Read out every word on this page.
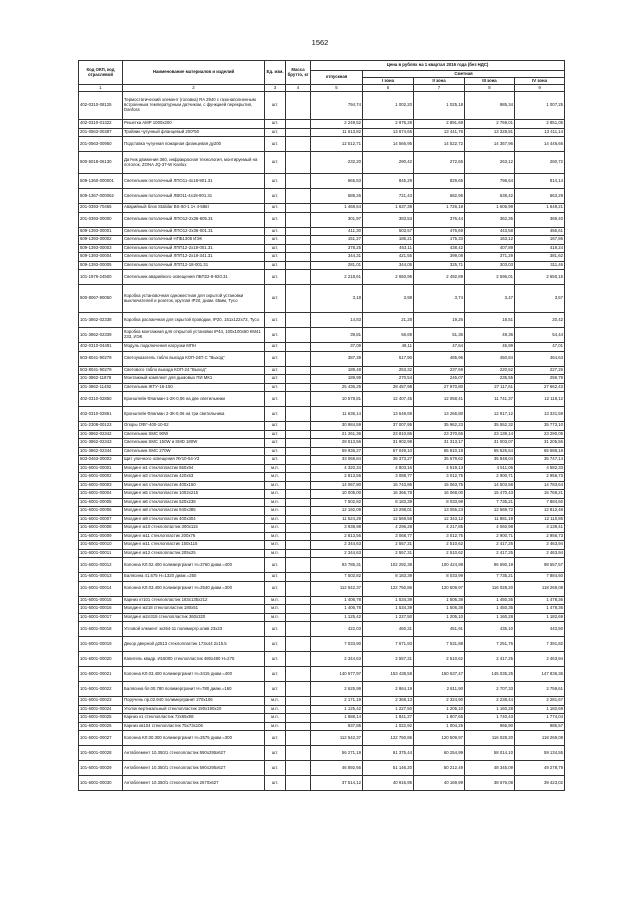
1562
Код ОКП, код отраслевой	Наименование материалов и изделий	Ед. изм.	Масса брутто, кг	Цена в рублях на 1 квартал 2016 года (без НДС)				
				отпускная	Сметная			
					I зона	II зона	III зона	IV зона
1	2	3	4	5	6	7	8	9
402-0310-08125	Термостатический элемент (головка) RA 2940 с газонаполненным встроенным температурным датчиком, с функцией перекрытия, Danfoss	шт.		794,74	1 002,20	1 025,18	985,34	1 007,25
402-0310-01322	Решетка АМР 1000х200	шт.		2 249,52	2 975,28	2 891,69	2 769,01	2 851,05
201-0563-00387	Тройник чугунный фланцевый 200*50	шт.		11 613,82	13 674,65	13 441,76	13 328,81	13 411,14
201-0563-00950	Подставка чугунная пожарная фланцевая ду200	шт.		12 512,71	14 566,95	14 522,72	14 357,96	14 446,66
500-5018-06130	Датчик движения 360, инфракрасная технология, монтируемый на потолок, ZONA JQ-37-W Kanlux	шт.		232,20	290,42	272,65	263,12	260,72
509-1360-000001	Светильник потолочный ЛПО11-4х18-901.31	шт.		665,53	845,29	829,65	798,64	814,14
509-1367-000062	Светильник потолочный ЛВО11-4х18-901.31	шт.		589,26	721,43	682,95	638,42	663,29
201-0393-70465	Аварийный блок Stabilar BS-50-1 1ч 4-58вт	шт.		1 468,64	1 637,39	1 726,18	1 606,99	1 649,21
201-0393-00000	Светильник потолочный ЛПО12-2х36-605.31	шт.		301,97	383,53	376,44	362,36	369,40
509-1393-00001	Светильник потолочный ЛПО12-2х36-001.31	шт.		411,30	503,57	476,69	443,58	455,61
509-1393-00002	Светильник потолочный НПБ1305 ИЭК	шт.		151,27	185,21	175,33	163,12	167,86
509-1393-00003	Светильник потолочный ЛПП12-2х18-001.31	шт.		378,25	463,11	438,42	407,89	419,24
509-1393-00004	Светильник потолочный ЛПП12-2х18-341.31	шт.		344,31	421,55	399,08	371,29	381,62
509-1393-00005	Светильник потолочный ЛПП12-18-001.31	шт.		281,01	344,05	325,71	303,03	311,46
101-1976-24500	Светильник аварийного освещения ЛБП22-8-920.31	шт.		2 218,61	2 650,95	2 492,89	2 596,01	2 650,15
500-8067-90050	Коробка установочная одноместная для скрытой установки выключателей и розеток, круглая IP20, диам. 65мм, Тусо	шт.		3,18	3,98	3,74	3,47	3,57
101-3862-02338	Коробка распаечная для скрытой проводки, IP20, 151х122х73, Тусо	шт.		14,83	21,28	19,26	18,51	20,42
101-3862-02339	Коробка монтажная для открытой установки IP44, 100х100х50 КМ41 233, ИЭК	шт.		39,81	56,69	51,36	49,36	54,44
402-0310-04491	Модуль подключения нагрузки МПН	шт.		37,09	49,11	47,64	45,99	47,01
503-8041-90279	Светоуказатель табло выхода КОП-24П С "Выход"	шт.		387,39	517,90	485,96	450,84	464,63
503-8041-90279	Светового табло выхода КОП-24 "Выход"	шт.		189,48	253,32	237,69	220,52	227,26
101-3862-11878	Монтажный комплект для дымовых ПИ МК1	шт.		189,99	270,54	245,07	235,55	259,79
101-3862-11482	Светильник ЖТУ-15-150	шт.		25 436,25	28 457,98	27 970,80	27 117,61	27 662,43
402-0310-02850	Кронштейн Флагман-1-2К-0,06 на две светильники	шт.		10 578,81	12 407,45	12 058,41	11 741,37	12 118,12
402-0310-02861	Кронштейн Флагман 2-3К-0,06 на три светильника	шт.		11 636,14	13 649,69	13 266,80	12 917,12	13 331,59
101-2308-00123	Опоры ОФГ-400-10-02	шт.		30 984,59	37 007,95	35 962,23	35 552,32	35 773,10
101-3862-02342	Светильник SMC 90W	шт.		21 261,36	23 810,86	23 370,65	23 139,14	23 290,05
101-3862-02343	Светильник SMC 150W и SMD 180W	шт.		28 513,56	31 902,98	31 313,17	31 003,07	31 205,56
101-3862-02344	Светильник SMC 270W	шт.		59 936,27	67 049,10	65 810,18	65 526,54	65 586,18
503-0463-00003	Щит уличного освещения ЯУ10-54-У3	шт.		33 068,84	36 373,27	35 679,62	35 848,04	35 747,14
101-6001-00001	Молдинг м1 стеклопластик 550х94	м.п.		4 320,34	4 803,16	4 519,13	4 511,06	4 582,33
101-6001-00002	Молдинг м3 стеклопластик 420х53	м.п.		2 813,56	3 088,77	3 012,75	2 900,71	2 956,73
101-6001-00003	Молдинг м4 стеклопластик 400х150	м.п.		14 067,80	15 743,86	15 063,75	14 503,56	14 783,64
101-6001-00004	Молдинг м5 стеклопластик 1002х215	м.п.		10 005,00	16 366,78	16 068,00	15 470,43	15 769,21
101-6001-00005	Молдинг м6 стеклопластик 520х238	м.п.		7 502,82	8 183,39	8 033,99	7 735,21	7 884,60
101-6001-00006	Молдинг м8 стеклопластик 940х385	м.п.		12 192,09	13 298,01	13 055,23	12 569,72	12 812,48
101-6001-00007	Молдинг м9 стеклопластик 400х304	м.п.		11 524,29	12 569,58	12 343,12	11 881,19	12 110,85
101-6001-00008	Молдинг м10 стеклопластик 300х115	м.п.		3 938,98	4 296,28	4 217,85	4 060,98	4 139,41
101-6001-00009	Молдинг м11 стеклопластик 200х76	м.п.		2 813,56	3 068,77	3 012,75	2 900,71	2 956,73
101-6001-00010	Молдинг м11 стеклопластик 150х115	м.п.		2 344,63	2 557,31	2 510,62	2 417,25	2 463,94
101-6001-00011	Молдинг м12 стеклопластик 205х25	м.п.		2 344,63	2 557,31	2 510,62	2 417,25	2 463,94
101-6001-00012	Колонна КЛ.02.400 полимергранит Н=3760 диам.=400	шт.		93 785,31	102 292,38	100 424,98	96 690,19	98 557,57
101-6001-00013	Балясина 41.675 Н=1320 диам.=250	шт.		7 502,82	8 183,39	8 033,99	7 735,21	7 884,60
101-6001-00014	Колонна КЛ.03.400 полимергранит Н=2540 диам.=300	шт.		112 542,37	122 750,86	120 509,97	116 028,20	118 269,08
101-6001-00015	Карниз кт101 стеклопластик 183х135х212	м.п.		1 406,78	1 534,39	1 506,38	1 450,35	1 478,36
101-6001-00016	Молдинг м218 стеклопластик 180х51	м.п.		1 406,78	1 534,39	1 506,38	1 450,35	1 478,36
101-6001-00017	Молдинг м2л315 стеклопластик 360х320	м.п.		1 125,42	1 227,50	1 205,10	1 160,28	1 182,69
101-6001-00018	Угловой элемент эк264-11 полимергр.олив 23х23	шт.		422,03	460,31	451,91	435,10	443,50
101-6001-00019	Декор дверной д2513 стеклопластик 173х44 2х15.5	шт.		7 033,90	7 671,93	7 531,88	7 251,76	7 391,82
101-6001-00020	Капитель квадр. И15000 стеклопластик 480х480 Н=275	шт.		2 344,63	2 557,31	2 510,62	2 417,25	2 463,94
101-6001-00021	Колонна КЛ.03.400 полимергранит Н=3415 диам.=400	шт.		140 677,97	153 438,58	150 637,47	145 035,25	147 836,36
101-6001-00022	Балясина бл.00.780 полимергранит Н=780 диам.=160	шт.		2 625,99	2 864,19	2 811,90	2 707,33	2 759,61
101-6001-00023	Поручень пр.02.940 полимергранит 270х106	м.п.		2 171,19	2 368,13	2 324,90	2 238,44	2 281,67
101-6001-00024	Уголок вертикальный стеклопластик 190х190х20	м.п.		1 125,42	1 227,50	1 205,10	1 160,28	1 182,69
101-6001-00025	Карниз к1 стеклопластик 72х65х98	м.п.		1 688,14	1 841,27	1 807,65	1 740,43	1 774,04
101-6001-00026	Карниз кв104 стеклопластик 75х73х106	м.п.		937,85	1 022,92	1 004,25	966,90	985,57
101-6001-00027	Колонна КЛ.00.300 полимергранит Н=2575 диам.=300	шт.		112 542,37	122 750,86	120 509,97	116 028,20	118 269,08
101-6001-00028	Антаблемент 10.350/1 стеклопластик 590х295х627	шт.		56 271,19	61 375,44	60 254,99	58 014,10	59 134,55
101-6001-00029	Антаблемент 10.350/1 стеклопластик 590х295х627	шт.		46 892,66	51 146,20	50 212,49	48 345,09	49 278,79
101-6001-00030	Антаблемент 10.350/1 стеклопластик 2670х627	шт.		37 514,12	40 916,95	40 169,99	38 676,08	39 423,02
